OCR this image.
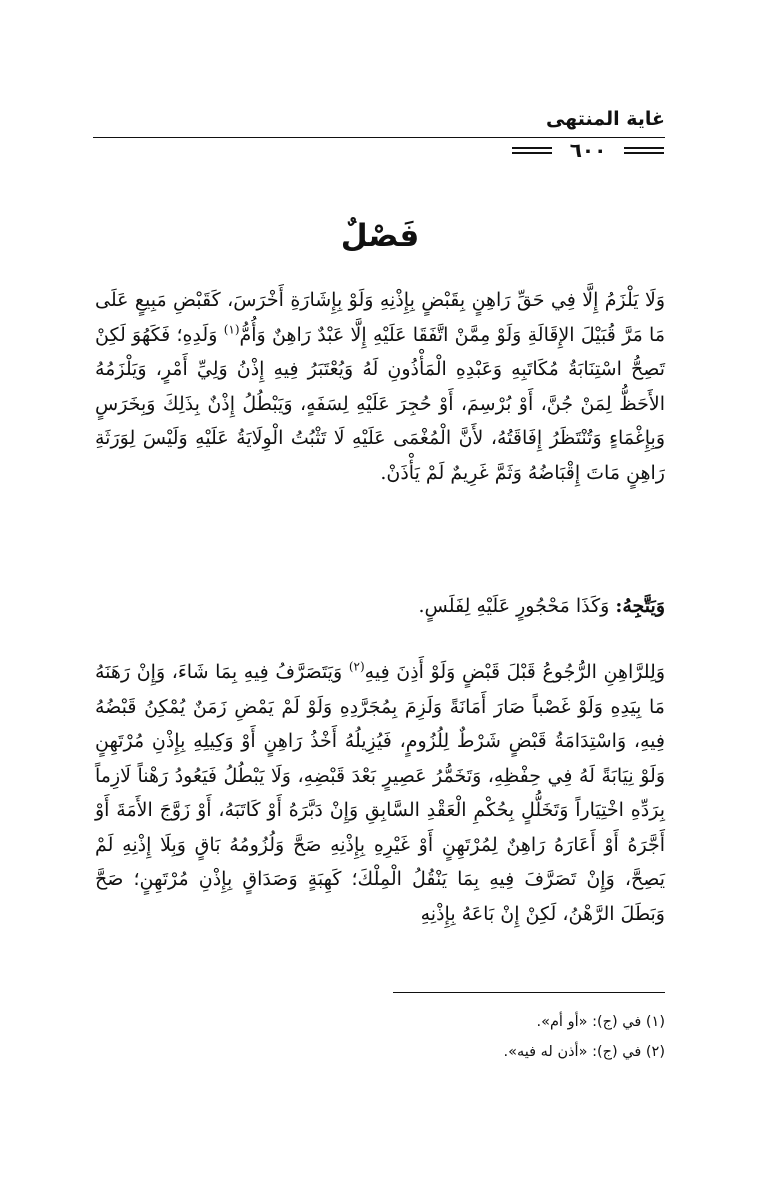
غاية المنتهى
٦٠٠
فَصْلٌ

وَلَا يَلْزَمُ إِلَّا فِي حَقِّ رَاهِنٍ بِقَبْضٍ بِإِذْنِهِ وَلَوْ بِإِشَارَةِ أَخْرَسَ، كَقَبْضِ مَبِيعٍ عَلَى مَا مَرَّ قُبَيْلَ الإِقَالَةِ وَلَوْ مِمَّنْ اتَّفَقَا عَلَيْهِ إِلَّا عَبْدٌ رَاهِنٌ وَأُمُّ$^{(١)}$ وَلَدِهِ؛ فَكَهُوَ لَكِنْ تَصِحُّ اسْتِنَابَةُ مُكَاتَبِهِ وَعَبْدِهِ الْمَأْذُونِ لَهُ وَيُعْتَبَرُ فِيهِ إِذْنُ وَلِيِّ أَمْرٍ، وَيَلْزَمُهُ الأَحَظُّ لِمَنْ جُنَّ، أَوْ بُرْسِمَ، أَوْ حُجِرَ عَلَيْهِ لِسَفَهٍ، وَيَبْطُلُ إِذْنٌ بِذَلِكَ وَبِخَرَسٍ وَبِإِغْمَاءٍ وَتُنْتَظَرُ إِفَاقَتُهُ، لأَنَّ الْمُغْمَى عَلَيْهِ لَا تَثْبُتُ الْوِلَايَةُ عَلَيْهِ وَلَيْسَ لِوَرَثَةِ رَاهِنٍ مَاتَ إِقْبَاضُهُ وَثَمَّ غَرِيمٌ لَمْ يَأْذَنْ.

وَيَتَّجِهُ: وَكَذَا مَحْجُورٍ عَلَيْهِ لِفَلَسٍ.

وَلِلرَّاهِنِ الرُّجُوعُ قَبْلَ قَبْضٍ وَلَوْ أَذِنَ فِيهِ$^{(٢)}$ وَيَتَصَرَّفُ فِيهِ بِمَا شَاءَ، وَإِنْ رَهَنَهُ مَا بِيَدِهِ وَلَوْ غَصْباً صَارَ أَمَانَةً وَلَزِمَ بِمُجَرَّدِهِ وَلَوْ لَمْ يَمْضِ زَمَنٌ يُمْكِنُ قَبْضُهُ فِيهِ، وَاسْتِدَامَةُ قَبْضٍ شَرْطٌ لِلُزُومٍ، فَيُزِيلُهُ أَخْذُ رَاهِنٍ أَوْ وَكِيلِهِ بِإِذْنِ مُرْتَهِنٍ وَلَوْ نِيَابَةً لَهُ فِي حِفْظِهِ، وَتَخَمُّرُ عَصِيرٍ بَعْدَ قَبْضِهِ، وَلَا يَبْطُلُ فَيَعُودُ رَهْناً لَازِماً بِرَدِّهِ اخْتِيَاراً وَتَخَلُّلٍ بِحُكْمِ الْعَقْدِ السَّابِقِ وَإِنْ دَبَّرَهُ أَوْ كَاتَبَهُ، أَوْ زَوَّجَ الأَمَةَ أَوْ أَجَّرَهُ أَوْ أَعَارَهُ رَاهِنٌ لِمُرْتَهِنٍ أَوْ غَيْرِهِ بِإِذْنِهِ صَحَّ وَلُزُومُهُ بَاقٍ وَبِلَا إِذْنِهِ لَمْ يَصِحَّ، وَإِنْ تَصَرَّفَ فِيهِ بِمَا يَنْقُلُ الْمِلْكَ؛ كَهِبَةٍ وَصَدَاقٍ بِإِذْنِ مُرْتَهِنٍ؛ صَحَّ وَبَطَلَ الرَّهْنُ، لَكِنْ إِنْ بَاعَهُ بِإِذْنِهِ

(١) في (ج): «أو أم».

(٢) في (ج): «أذن له فيه».
